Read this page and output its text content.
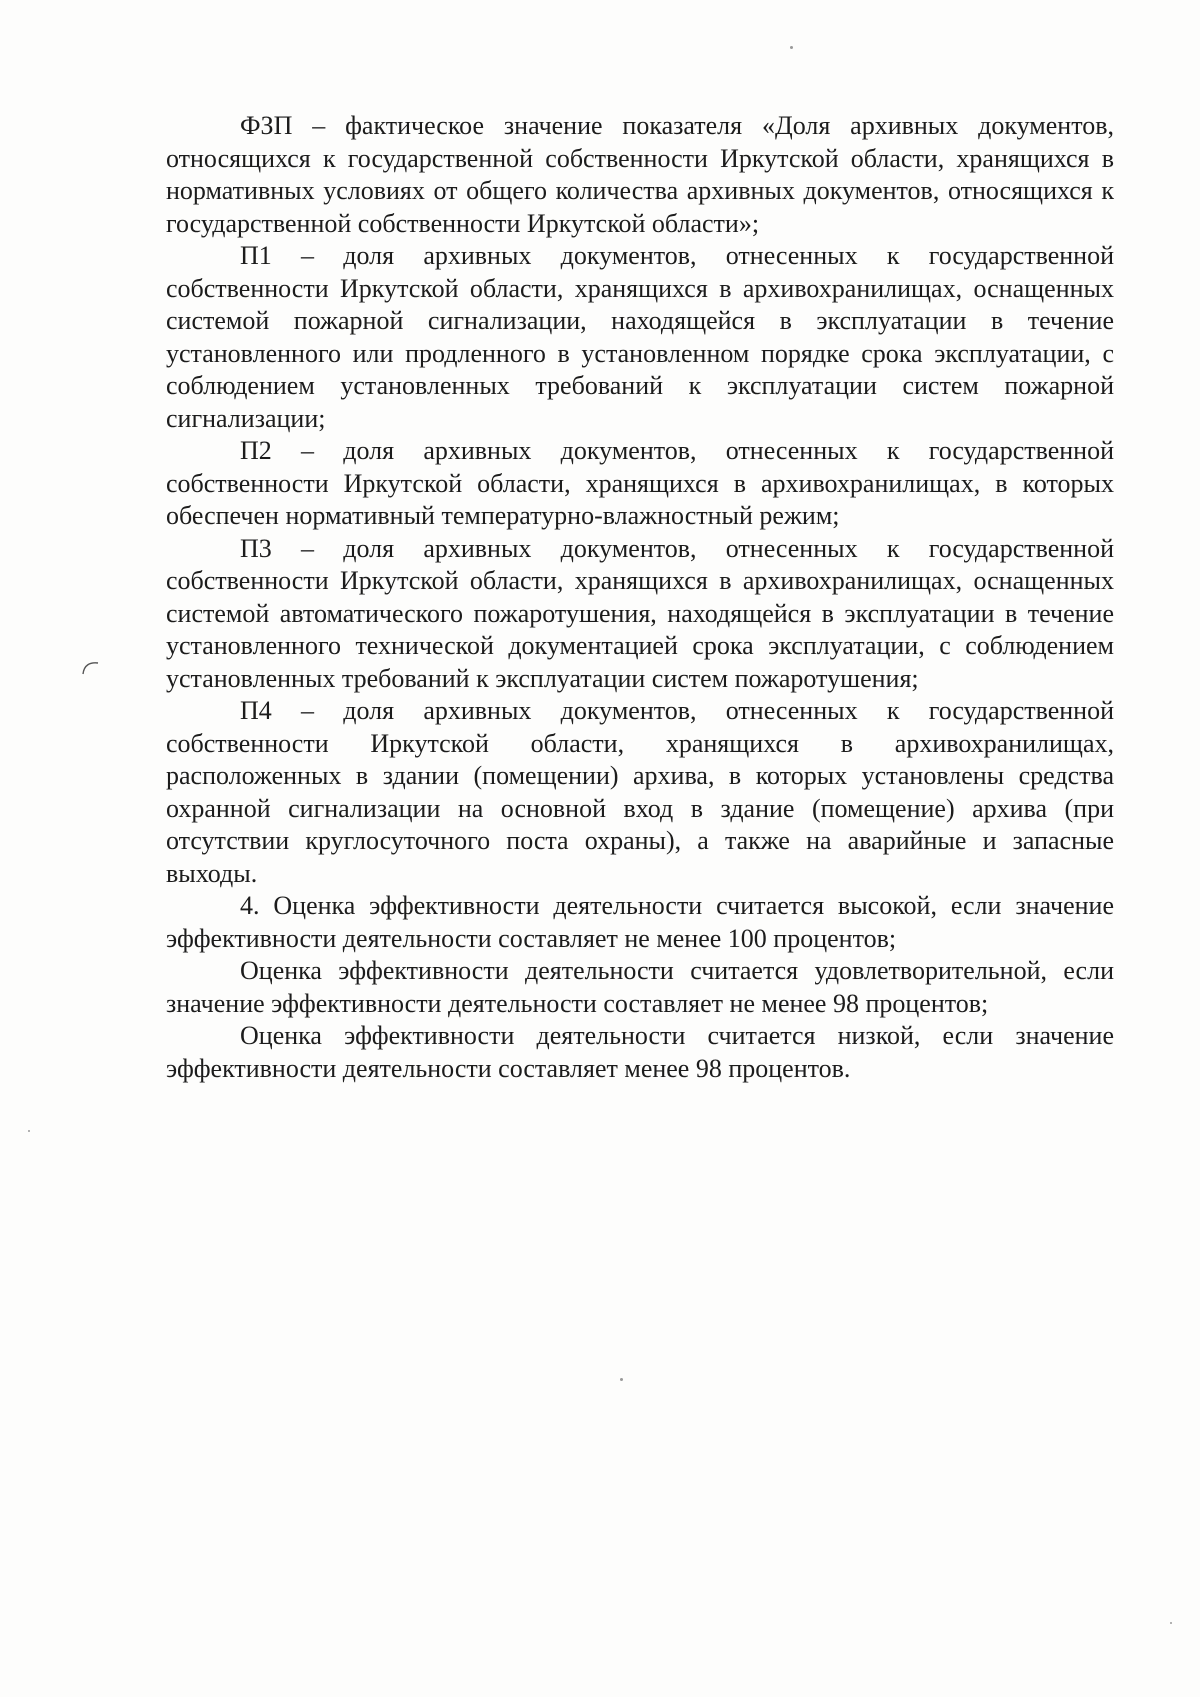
ФЗП – фактическое значение показателя «Доля архивных документов, относящихся к государственной собственности Иркутской области, хранящихся в нормативных условиях от общего количества архивных документов, относящихся к государственной собственности Иркутской области»;

П1 – доля архивных документов, отнесенных к государственной собственности Иркутской области, хранящихся в архивохранилищах, оснащенных системой пожарной сигнализации, находящейся в эксплуатации в течение установленного или продленного в установленном порядке срока эксплуатации, с соблюдением установленных требований к эксплуатации систем пожарной сигнализации;

П2 – доля архивных документов, отнесенных к государственной собственности Иркутской области, хранящихся в архивохранилищах, в которых обеспечен нормативный температурно-влажностный режим;

П3 – доля архивных документов, отнесенных к государственной собственности Иркутской области, хранящихся в архивохранилищах, оснащенных системой автоматического пожаротушения, находящейся в эксплуатации в течение установленного технической документацией срока эксплуатации, с соблюдением установленных требований к эксплуатации систем пожаротушения;

П4 – доля архивных документов, отнесенных к государственной собственности Иркутской области, хранящихся в архивохранилищах, расположенных в здании (помещении) архива, в которых установлены средства охранной сигнализации на основной вход в здание (помещение) архива (при отсутствии круглосуточного поста охраны), а также на аварийные и запасные выходы.

4. Оценка эффективности деятельности считается высокой, если значение эффективности деятельности составляет не менее 100 процентов;

Оценка эффективности деятельности считается удовлетворительной, если значение эффективности деятельности составляет не менее 98 процентов;

Оценка эффективности деятельности считается низкой, если значение эффективности деятельности составляет менее 98 процентов.
